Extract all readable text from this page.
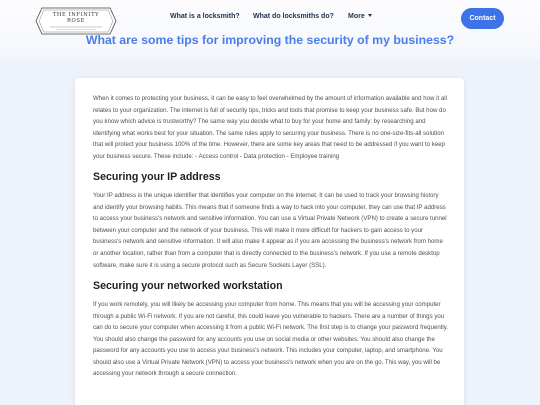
THE INFINITY ROSE
What is a locksmith? What do locksmiths do? More	Contact
What are some tips for improving the security of my business?

When it comes to protecting your business, it can be easy to feel overwhelmed by the amount of information available and how it all relates to your organization. The internet is full of security tips, tricks and tools that promise to keep your business safe. But how do you know which advice is trustworthy? The same way you decide what to buy for your home and family: by researching and identifying what works best for your situation. The same rules apply to securing your business. There is no one-size-fits-all solution that will protect your business 100% of the time. However, there are some key areas that need to be addressed if you want to keep your business secure. These include: - Access control - Data protection - Employee training

Securing your IP address

Your IP address is the unique identifier that identifies your computer on the internet. It can be used to track your browsing history and identify your browsing habits. This means that if someone finds a way to hack into your computer, they can use that IP address to access your business's network and sensitive information. You can use a Virtual Private Network (VPN) to create a secure tunnel between your computer and the network of your business. This will make it more difficult for hackers to gain access to your business's network and sensitive information. It will also make it appear as if you are accessing the business's network from home or another location, rather than from a computer that is directly connected to the business's network. If you use a remote desktop software, make sure it is using a secure protocol such as Secure Sockets Layer (SSL).

Securing your networked workstation

If you work remotely, you will likely be accessing your computer from home. This means that you will be accessing your computer through a public Wi-Fi network. If you are not careful, this could leave you vulnerable to hackers. There are a number of things you can do to secure your computer when accessing it from a public Wi-Fi network. The first step is to change your password frequently. You should also change the password for any accounts you use on social media or other websites. You should also change the password for any accounts you use to access your business's network. This includes your computer, laptop, and smartphone. You should also use a Virtual Private Network (VPN) to access your business's network when you are on the go. This way, you will be accessing your network through a secure connection.
